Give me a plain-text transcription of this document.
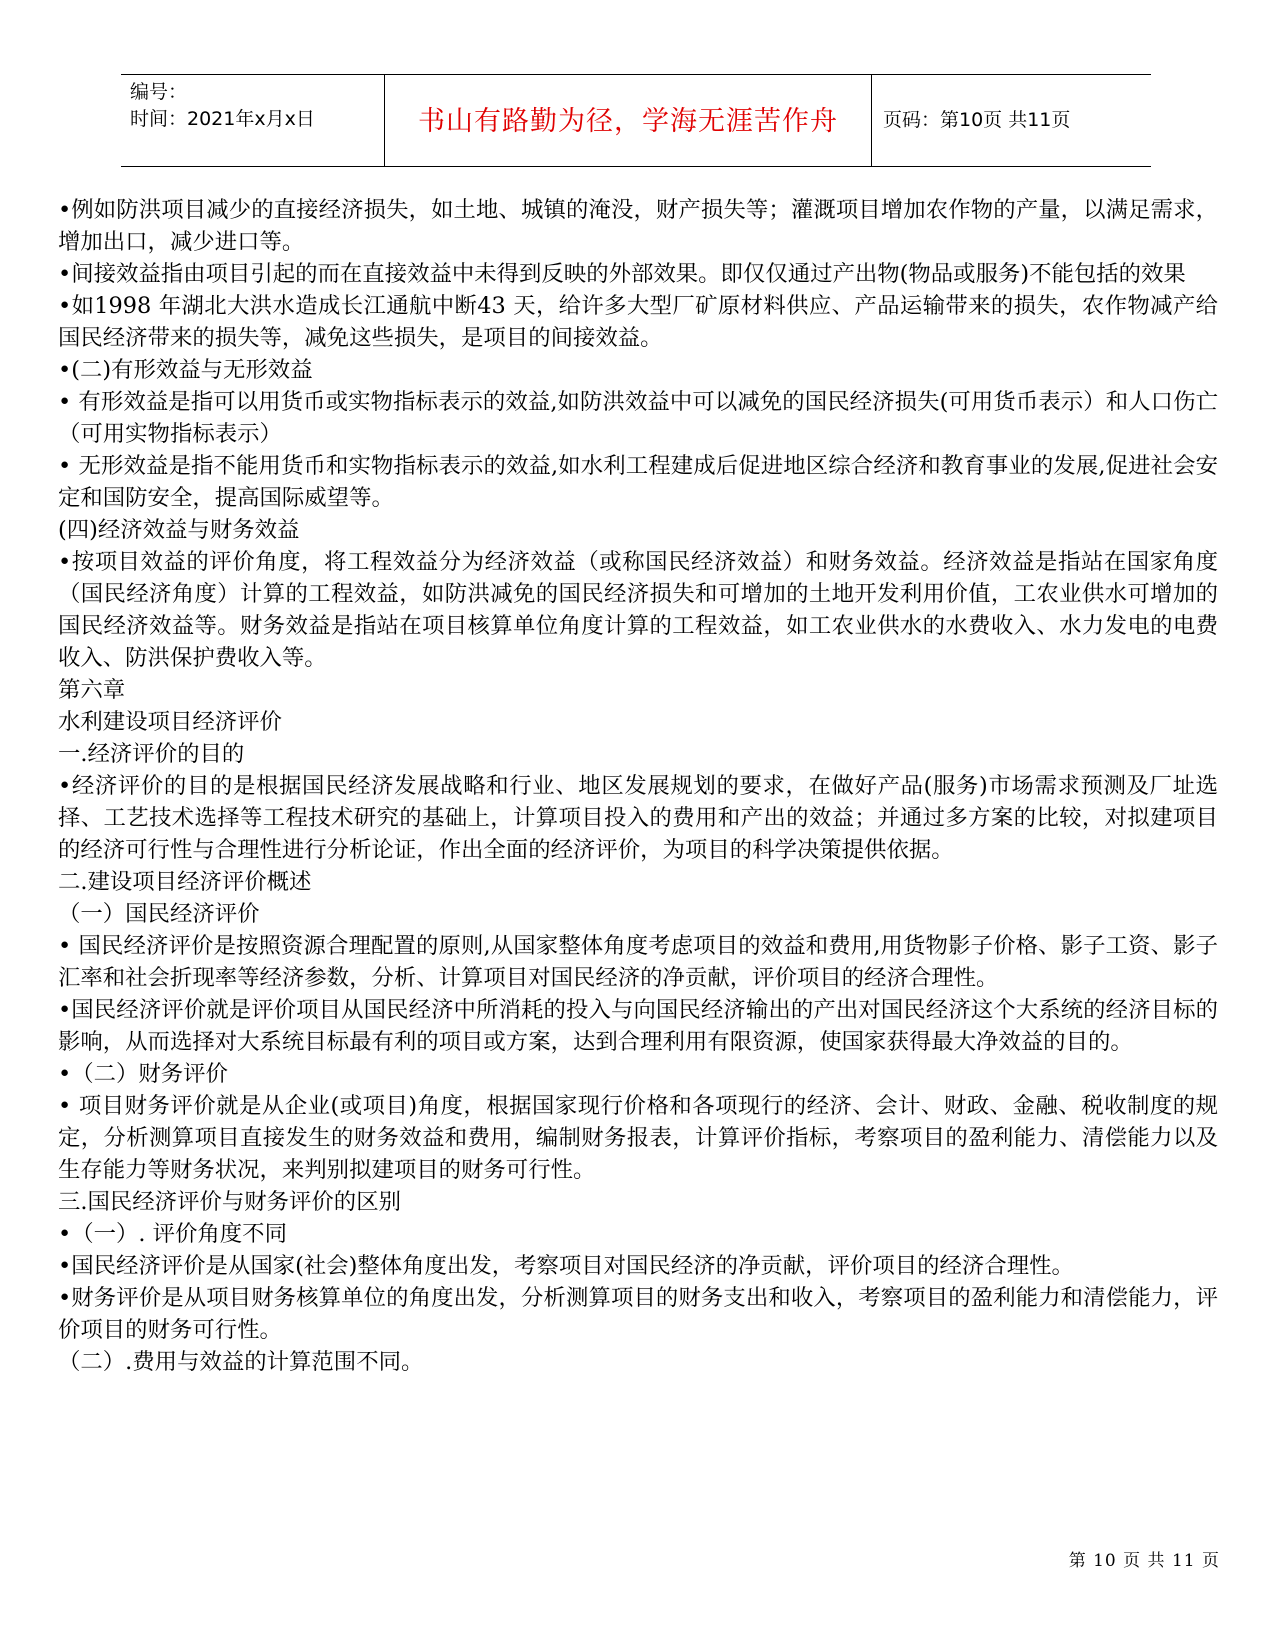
编号：
时间：2021年x月x日	书山有路勤为径，学海无涯苦作舟 页码：第10页 共11页

•例如防洪项目减少的直接经济损失，如土地、城镇的淹没，财产损失等；灌溉项目增加农作物的产量，以满足需求，增加出口，减少进口等。

•间接效益指由项目引起的而在直接效益中未得到反映的外部效果。即仅仅通过产出物(物品或服务)不能包括的效果

•如1998 年湖北大洪水造成长江通航中断43 天，给许多大型厂矿原材料供应、产品运输带来的损失，农作物减产给国民经济带来的损失等，减免这些损失，是项目的间接效益。

•(二)有形效益与无形效益

• 有形效益是指可以用货币或实物指标表示的效益,如防洪效益中可以减免的国民经济损失(可用货币表示）和人口伤亡（可用实物指标表示）

• 无形效益是指不能用货币和实物指标表示的效益,如水利工程建成后促进地区综合经济和教育事业的发展,促进社会安定和国防安全，提高国际威望等。

(四)经济效益与财务效益

•按项目效益的评价角度，将工程效益分为经济效益（或称国民经济效益）和财务效益。经济效益是指站在国家角度（国民经济角度）计算的工程效益，如防洪减免的国民经济损失和可增加的土地开发利用价值，工农业供水可增加的国民经济效益等。财务效益是指站在项目核算单位角度计算的工程效益，如工农业供水的水费收入、水力发电的电费收入、防洪保护费收入等。

第六章

水利建设项目经济评价

一.经济评价的目的

•经济评价的目的是根据国民经济发展战略和行业、地区发展规划的要求，在做好产品(服务)市场需求预测及厂址选择、工艺技术选择等工程技术研究的基础上，计算项目投入的费用和产出的效益；并通过多方案的比较，对拟建项目的经济可行性与合理性进行分析论证，作出全面的经济评价，为项目的科学决策提供依据。

二.建设项目经济评价概述

（一）国民经济评价

• 国民经济评价是按照资源合理配置的原则,从国家整体角度考虑项目的效益和费用,用货物影子价格、影子工资、影子汇率和社会折现率等经济参数，分析、计算项目对国民经济的净贡献，评价项目的经济合理性。

•国民经济评价就是评价项目从国民经济中所消耗的投入与向国民经济输出的产出对国民经济这个大系统的经济目标的影响，从而选择对大系统目标最有利的项目或方案，达到合理利用有限资源，使国家获得最大净效益的目的。

•（二）财务评价

• 项目财务评价就是从企业(或项目)角度，根据国家现行价格和各项现行的经济、会计、财政、金融、税收制度的规定，分析测算项目直接发生的财务效益和费用，编制财务报表，计算评价指标，考察项目的盈利能力、清偿能力以及生存能力等财务状况，来判别拟建项目的财务可行性。

三.国民经济评价与财务评价的区别

•（一）. 评价角度不同

•国民经济评价是从国家(社会)整体角度出发，考察项目对国民经济的净贡献，评价项目的经济合理性。

•财务评价是从项目财务核算单位的角度出发，分析测算项目的财务支出和收入，考察项目的盈利能力和清偿能力，评价项目的财务可行性。

（二）.费用与效益的计算范围不同。

第 10 页 共 11 页
